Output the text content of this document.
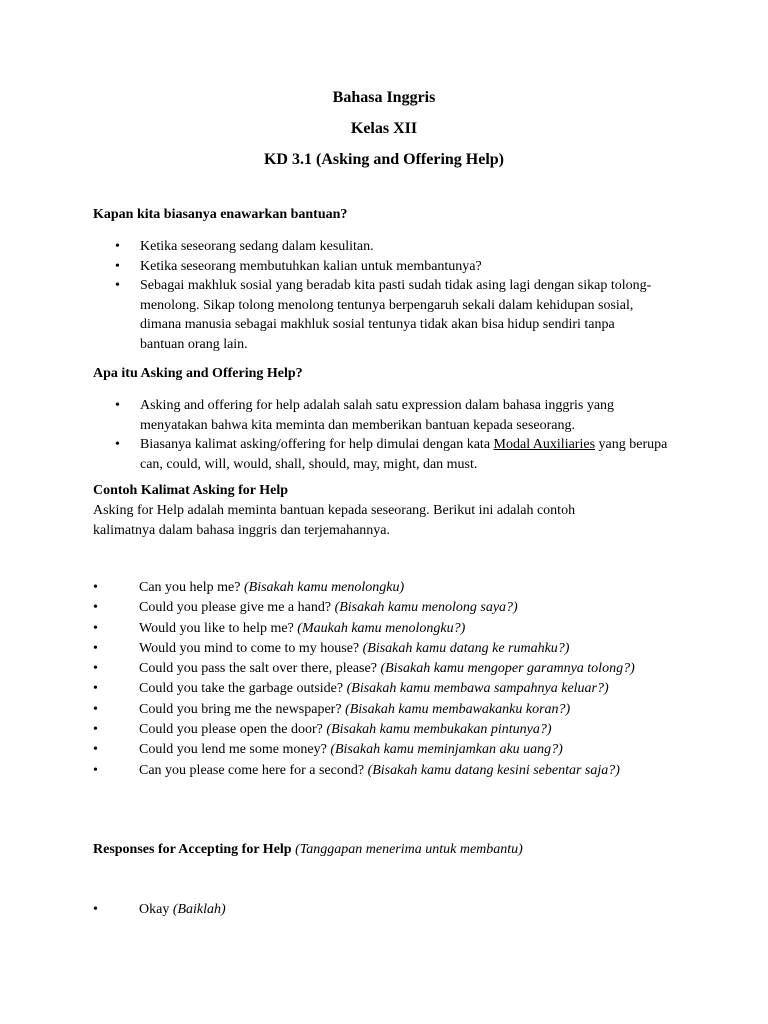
Bahasa Inggris
Kelas XII
KD 3.1 (Asking and Offering Help)
Kapan kita biasanya enawarkan bantuan?
• Ketika seseorang sedang dalam kesulitan.
• Ketika seseorang membutuhkan kalian untuk membantunya?
• Sebagai makhluk sosial yang beradab kita pasti sudah tidak asing lagi dengan sikap tolong-menolong. Sikap tolong menolong tentunya berpengaruh sekali dalam kehidupan sosial, dimana manusia sebagai makhluk sosial tentunya tidak akan bisa hidup sendiri tanpa bantuan orang lain.
Apa itu Asking and Offering Help?
• Asking and offering for help adalah salah satu expression dalam bahasa inggris yang menyatakan bahwa kita meminta dan memberikan bantuan kepada seseorang.
• Biasanya kalimat asking/offering for help dimulai dengan kata Modal Auxiliaries yang berupa can, could, will, would, shall, should, may, might, dan must.
Contoh Kalimat Asking for Help
Asking for Help adalah meminta bantuan kepada seseorang. Berikut ini adalah contoh kalimatnya dalam bahasa inggris dan terjemahannya.
• Can you help me? (Bisakah kamu menolongku)
• Could you please give me a hand? (Bisakah kamu menolong saya?)
• Would you like to help me? (Maukah kamu menolongku?)
• Would you mind to come to my house? (Bisakah kamu datang ke rumahku?)
•	Could you pass the salt over there, please? (Bisakah kamu mengoper garamnya tolong?)
• Could you take the garbage outside? (Bisakah kamu membawa sampahnya keluar?)
• Could you bring me the newspaper? (Bisakah kamu membawakanku koran?)
• Could you please open the door? (Bisakah kamu membukakan pintunya?)
• Could you lend me some money? (Bisakah kamu meminjamkan aku uang?)
• Can you please come here for a second? (Bisakah kamu datang kesini sebentar saja?)
Responses for Accepting for Help (Tanggapan menerima untuk membantu)
• Okay (Baiklah)
